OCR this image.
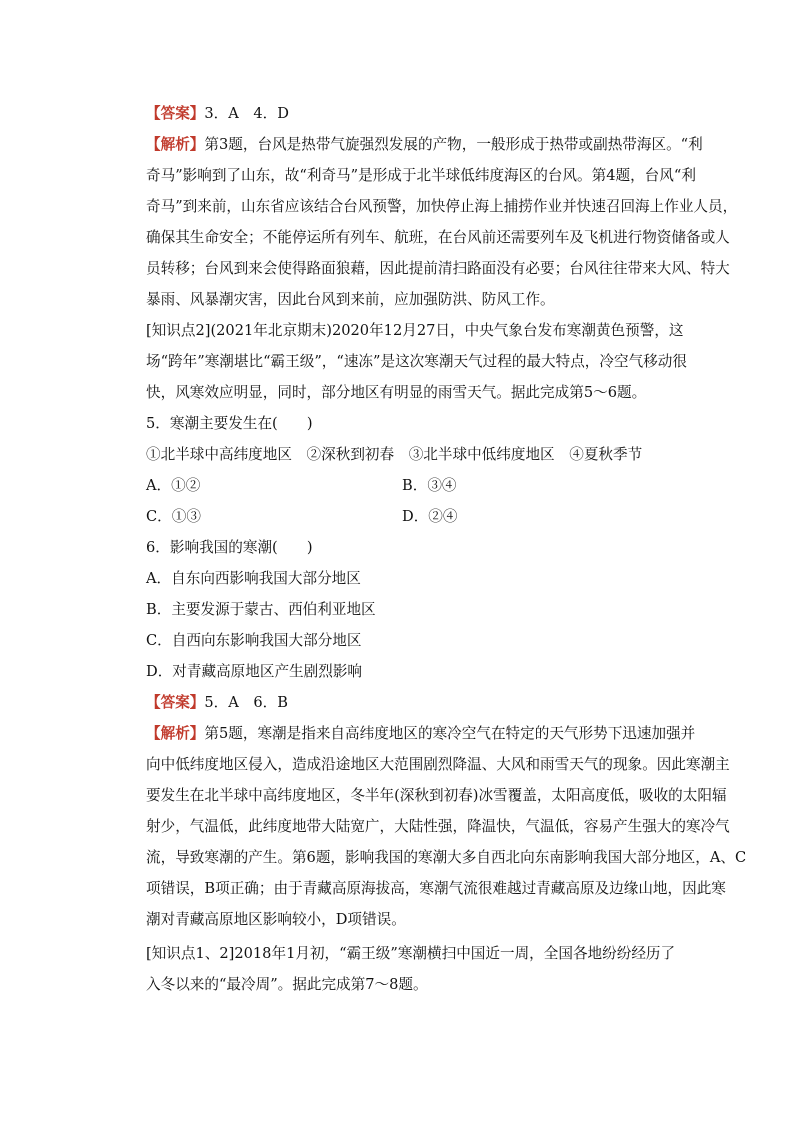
【答案】3．A　4．D
【解析】第3题，台风是热带气旋强烈发展的产物，一般形成于热带或副热带海区。“利
奇马”影响到了山东，故“利奇马”是形成于北半球低纬度海区的台风。第4题，台风“利
奇马”到来前，山东省应该结合台风预警，加快停止海上捕捞作业并快速召回海上作业人员，
确保其生命安全；不能停运所有列车、航班，在台风前还需要列车及飞机进行物资储备或人
员转移；台风到来会使得路面狼藉，因此提前清扫路面没有必要；台风往往带来大风、特大
暴雨、风暴潮灾害，因此台风到来前，应加强防洪、防风工作。
[知识点2](2021年北京期末)2020年12月27日，中央气象台发布寒潮黄色预警，这
场“跨年”寒潮堪比“霸王级”，“速冻”是这次寒潮天气过程的最大特点，冷空气移动很
快，风寒效应明显，同时，部分地区有明显的雨雪天气。据此完成第5～6题。
5．寒潮主要发生在(　　)
①北半球中高纬度地区　②深秋到初春　③北半球中低纬度地区　④夏秋季节
A．①②	B．③④
C．①③	D．②④
6．影响我国的寒潮(　　)
A．自东向西影响我国大部分地区
B．主要发源于蒙古、西伯利亚地区
C．自西向东影响我国大部分地区
D．对青藏高原地区产生剧烈影响
【答案】5．A　6．B
【解析】第5题，寒潮是指来自高纬度地区的寒冷空气在特定的天气形势下迅速加强并
向中低纬度地区侵入，造成沿途地区大范围剧烈降温、大风和雨雪天气的现象。因此寒潮主
要发生在北半球中高纬度地区，冬半年(深秋到初春)冰雪覆盖，太阳高度低，吸收的太阳辐
射少，气温低，此纬度地带大陆宽广，大陆性强，降温快，气温低，容易产生强大的寒冷气
流，导致寒潮的产生。第6题，影响我国的寒潮大多自西北向东南影响我国大部分地区，A、C
项错误，B项正确；由于青藏高原海拔高，寒潮气流很难越过青藏高原及边缘山地，因此寒
潮对青藏高原地区影响较小，D项错误。
[知识点1、2]2018年1月初，“霸王级”寒潮横扫中国近一周，全国各地纷纷经历了
入冬以来的“最冷周”。据此完成第7～8题。
